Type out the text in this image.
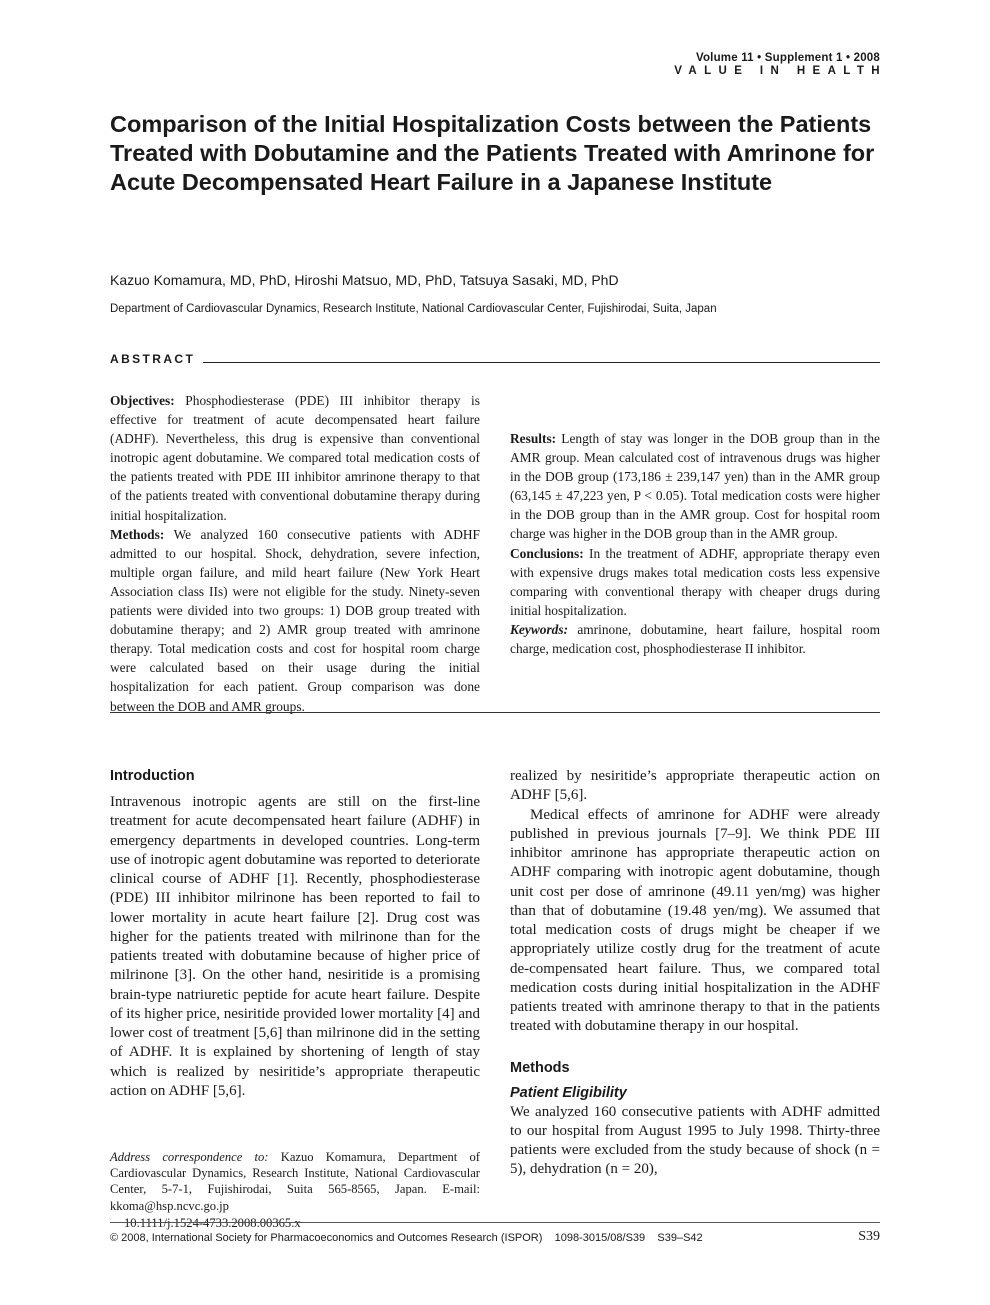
Volume 11 • Supplement 1 • 2008
VALUE IN HEALTH
Comparison of the Initial Hospitalization Costs between the Patients Treated with Dobutamine and the Patients Treated with Amrinone for Acute Decompensated Heart Failure in a Japanese Institute
Kazuo Komamura, MD, PhD, Hiroshi Matsuo, MD, PhD, Tatsuya Sasaki, MD, PhD
Department of Cardiovascular Dynamics, Research Institute, National Cardiovascular Center, Fujishirodai, Suita, Japan
ABSTRACT

Objectives: Phosphodiesterase (PDE) III inhibitor therapy is effective for treatment of acute decompensated heart failure (ADHF). Nevertheless, this drug is expensive than conventional inotropic agent dobutamine. We compared total medication costs of the patients treated with PDE III inhibitor amrinone therapy to that of the patients treated with conventional dobutamine therapy during initial hospitalization.

Methods: We analyzed 160 consecutive patients with ADHF admitted to our hospital. Shock, dehydration, severe infection, multiple organ failure, and mild heart failure (New York Heart Association class IIs) were not eligible for the study. Ninety-seven patients were divided into two groups: 1) DOB group treated with dobutamine therapy; and 2) AMR group treated with amrinone therapy. Total medication costs and cost for hospital room charge were calculated based on their usage during the initial hospitalization for each patient. Group comparison was done between the DOB and AMR groups.

Results: Length of stay was longer in the DOB group than in the AMR group. Mean calculated cost of intravenous drugs was higher in the DOB group (173,186 ± 239,147 yen) than in the AMR group (63,145 ± 47,223 yen, P < 0.05). Total medication costs were higher in the DOB group than in the AMR group. Cost for hospital room charge was higher in the DOB group than in the AMR group.

Conclusions: In the treatment of ADHF, appropriate therapy even with expensive drugs makes total medication costs less expensive comparing with conventional therapy with cheaper drugs during initial hospitalization.

Keywords: amrinone, dobutamine, heart failure, hospital room charge, medication cost, phosphodiesterase II inhibitor.

Introduction

Intravenous inotropic agents are still on the first-line treatment for acute decompensated heart failure (ADHF) in emergency departments in developed countries. Long-term use of inotropic agent dobutamine was reported to deteriorate clinical course of ADHF [1]. Recently, phosphodiesterase (PDE) III inhibitor milrinone has been reported to fail to lower mortality in acute heart failure [2]. Drug cost was higher for the patients treated with milrinone than for the patients treated with dobutamine because of higher price of milrinone [3]. On the other hand, nesiritide is a promising brain-type natriuretic peptide for acute heart failure. Despite of its higher price, nesiritide provided lower mortality [4] and lower cost of treatment [5,6] than milrinone did in the setting of ADHF. It is explained by shortening of length of stay which is realized by nesiritide’s appropriate therapeutic action on ADHF [5,6].

Address correspondence to: Kazuo Komamura, Department of Cardiovascular Dynamics, Research Institute, National Cardiovascular Center, 5-7-1, Fujishirodai, Suita 565-8565, Japan. E-mail: kkoma@hsp.ncvc.go.jp

10.1111/j.1524-4733.2008.00365.x

realized by nesiritide’s appropriate therapeutic action on ADHF [5,6].

Medical effects of amrinone for ADHF were already published in previous journals [7–9]. We think PDE III inhibitor amrinone has appropriate therapeutic action on ADHF comparing with inotropic agent dobutamine, though unit cost per dose of amrinone (49.11 yen/mg) was higher than that of dobutamine (19.48 yen/mg). We assumed that total medication costs of drugs might be cheaper if we appropriately utilize costly drug for the treatment of acute de-compensated heart failure. Thus, we compared total medication costs during initial hospitalization in the ADHF patients treated with amrinone therapy to that in the patients treated with dobutamine therapy in our hospital.

Methods
Patient Eligibility

We analyzed 160 consecutive patients with ADHF admitted to our hospital from August 1995 to July 1998. Thirty-three patients were excluded from the study because of shock (n = 5), dehydration (n = 20),

© 2008, International Society for Pharmacoeconomics and Outcomes Research (ISPOR)    1098-3015/08/S39    S39–S42	S39
